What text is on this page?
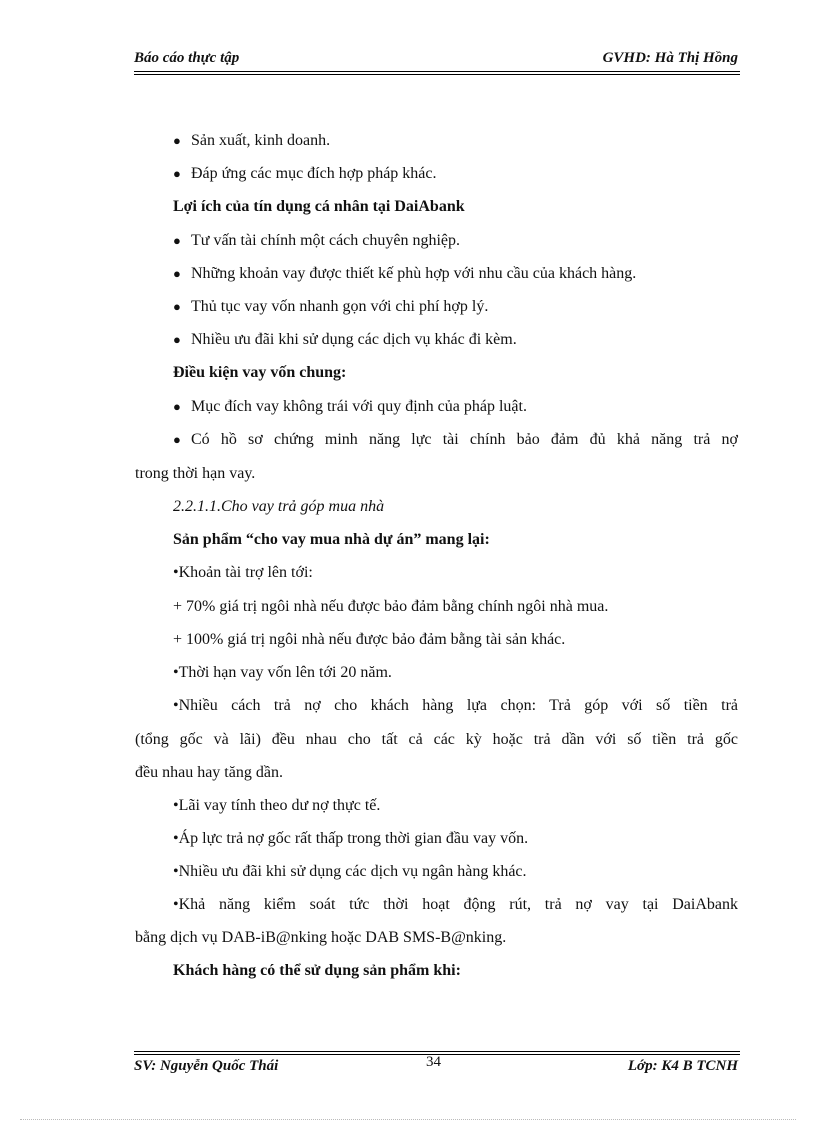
Báo cáo thực tập	GVHD: Hà Thị Hồng
● Sản xuất, kinh doanh.
● Đáp ứng các mục đích hợp pháp khác.
Lợi ích của tín dụng cá nhân tại DaiAbank
● Tư vấn tài chính một cách chuyên nghiệp.
● Những khoản vay được thiết kế phù hợp với nhu cầu của khách hàng.
● Thủ tục vay vốn nhanh gọn với chi phí hợp lý.
● Nhiều ưu đãi khi sử dụng các dịch vụ khác đi kèm.
Điều kiện vay vốn chung:
● Mục đích vay không trái với quy định của pháp luật.
● Có hồ sơ chứng minh năng lực tài chính bảo đảm đủ khả năng trả nợ
trong thời hạn vay.
2.2.1.1.Cho vay trả góp mua nhà
Sản phẩm “cho vay mua nhà dự án” mang lại:
•Khoản tài trợ lên tới:
+ 70% giá trị ngôi nhà nếu được bảo đảm bằng chính ngôi nhà mua.
+ 100% giá trị ngôi nhà nếu được bảo đảm bằng tài sản khác.
•Thời hạn vay vốn lên tới 20 năm.
•Nhiều cách trả nợ cho khách hàng lựa chọn: Trả góp với số tiền trả
(tổng gốc và lãi) đều nhau cho tất cả các kỳ hoặc trả dần với số tiền trả gốc
đều nhau hay tăng dần.
•Lãi vay tính theo dư nợ thực tế.
•Áp lực trả nợ gốc rất thấp trong thời gian đầu vay vốn.
•Nhiều ưu đãi khi sử dụng các dịch vụ ngân hàng khác.
•Khả năng kiểm soát tức thời hoạt động rút, trả nợ vay tại DaiAbank
bằng dịch vụ DAB-iB@nking hoặc DAB SMS-B@nking.
Khách hàng có thể sử dụng sản phẩm khi:
SV: Nguyễn Quốc Thái	34	Lớp: K4 B TCNH
